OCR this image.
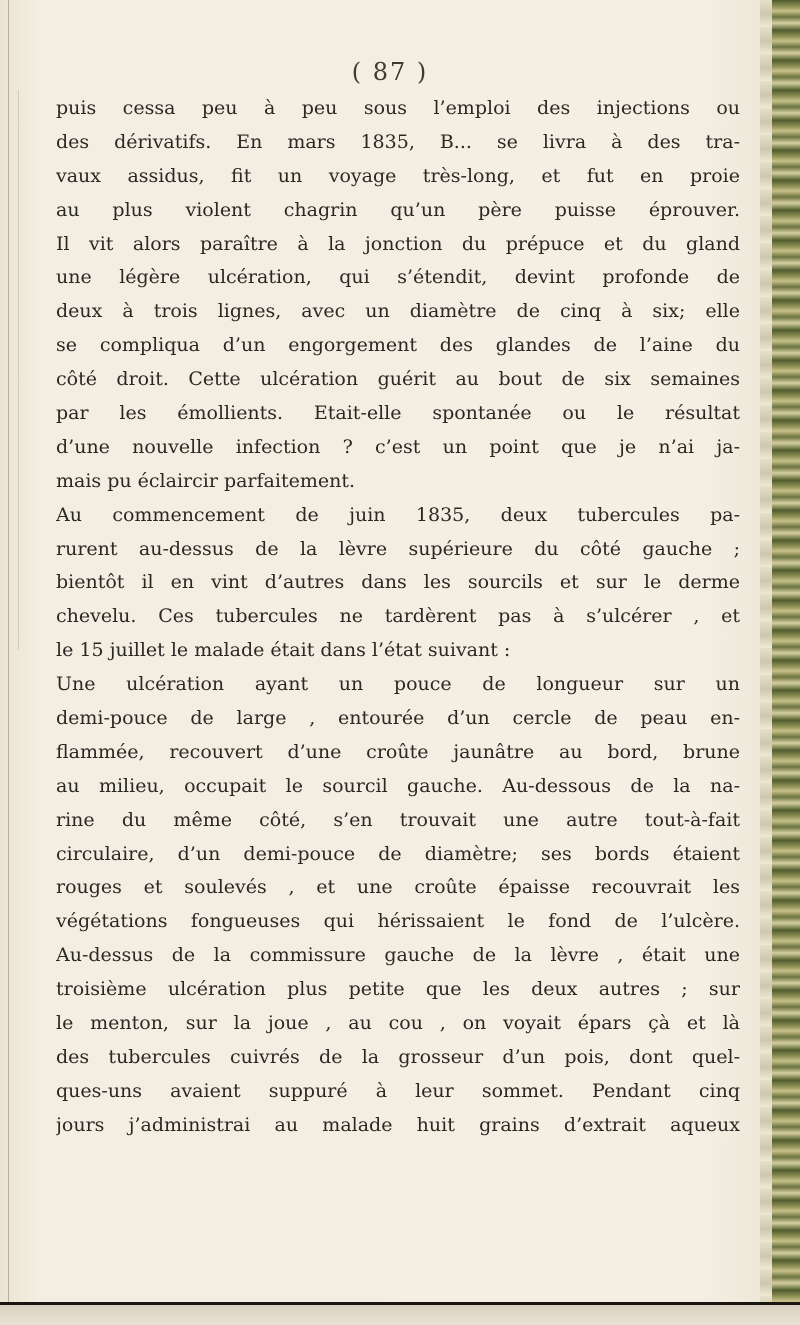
( 87 )
puis cessa peu à peu sous l’emploi des injections ou
des dérivatifs. En mars 1835, B... se livra à des tra-
vaux assidus, fit un voyage très-long, et fut en proie
au plus violent chagrin qu’un père puisse éprouver.
Il vit alors paraître à la jonction du prépuce et du gland
une légère ulcération, qui s’étendit, devint profonde de
deux à trois lignes, avec un diamètre de cinq à six; elle
se compliqua d’un engorgement des glandes de l’aine du
côté droit. Cette ulcération guérit au bout de six semaines
par les émollients. Etait-elle spontanée ou le résultat
d’une nouvelle infection ? c’est un point que je n’ai ja-
mais pu éclaircir parfaitement.
Au commencement de juin 1835, deux tubercules pa-
rurent au-dessus de la lèvre supérieure du côté gauche ;
bientôt il en vint d’autres dans les sourcils et sur le derme
chevelu. Ces tubercules ne tardèrent pas à s’ulcérer , et
le 15 juillet le malade était dans l’état suivant :
Une ulcération ayant un pouce de longueur sur un
demi-pouce de large , entourée d’un cercle de peau en-
flammée, recouvert d’une croûte jaunâtre au bord, brune
au milieu, occupait le sourcil gauche. Au-dessous de la na-
rine du même côté, s’en trouvait une autre tout-à-fait
circulaire, d’un demi-pouce de diamètre; ses bords étaient
rouges et soulevés , et une croûte épaisse recouvrait les
végétations fongueuses qui hérissaient le fond de l’ulcère.
Au-dessus de la commissure gauche de la lèvre , était une
troisième ulcération plus petite que les deux autres ; sur
le menton, sur la joue , au cou , on voyait épars çà et là
des tubercules cuivrés de la grosseur d’un pois, dont quel-
ques-uns avaient suppuré à leur sommet. Pendant cinq
jours j’administrai au malade huit grains d’extrait aqueux
